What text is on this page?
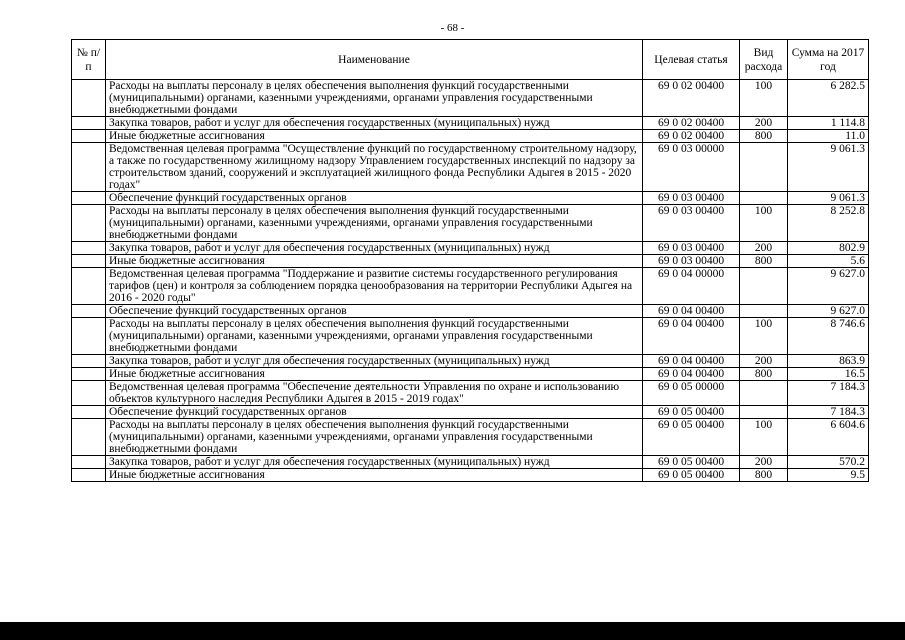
- 68 -
№ п/п	Наименование	Целевая статья	Вид расхода	Сумма на 2017 год
	Расходы на выплаты персоналу в целях обеспечения выполнения функций государственными (муниципальными) органами, казенными учреждениями, органами управления государственными внебюджетными фондами	69 0 02 00400	100	6 282.5
	Закупка товаров, работ и услуг для обеспечения государственных (муниципальных) нужд	69 0 02 00400	200	1 114.8
	Иные бюджетные ассигнования	69 0 02 00400	800	11.0
	Ведомственная целевая программа "Осуществление функций по государственному строительному надзору, а также по государственному жилищному надзору Управлением государственных инспекций по надзору за строительством зданий, сооружений и эксплуатацией жилищного фонда Республики Адыгея в 2015 - 2020 годах"	69 0 03 00000		9 061.3
	Обеспечение функций государственных органов	69 0 03 00400		9 061.3
	Расходы на выплаты персоналу в целях обеспечения выполнения функций государственными (муниципальными) органами, казенными учреждениями, органами управления государственными внебюджетными фондами	69 0 03 00400	100	8 252.8
	Закупка товаров, работ и услуг для обеспечения государственных (муниципальных) нужд	69 0 03 00400	200	802.9
	Иные бюджетные ассигнования	69 0 03 00400	800	5.6
	Ведомственная целевая программа "Поддержание и развитие системы государственного регулирования тарифов (цен) и контроля за соблюдением порядка ценообразования на территории Республики Адыгея на 2016 - 2020 годы"	69 0 04 00000		9 627.0
	Обеспечение функций государственных органов	69 0 04 00400		9 627.0
	Расходы на выплаты персоналу в целях обеспечения выполнения функций государственными (муниципальными) органами, казенными учреждениями, органами управления государственными внебюджетными фондами	69 0 04 00400	100	8 746.6
	Закупка товаров, работ и услуг для обеспечения государственных (муниципальных) нужд	69 0 04 00400	200	863.9
	Иные бюджетные ассигнования	69 0 04 00400	800	16.5
	Ведомственная целевая программа "Обеспечение деятельности Управления по охране и использованию объектов культурного наследия Республики Адыгея в 2015 - 2019 годах"	69 0 05 00000		7 184.3
	Обеспечение функций государственных органов	69 0 05 00400		7 184.3
	Расходы на выплаты персоналу в целях обеспечения выполнения функций государственными (муниципальными) органами, казенными учреждениями, органами управления государственными внебюджетными фондами	69 0 05 00400	100	6 604.6
	Закупка товаров, работ и услуг для обеспечения государственных (муниципальных) нужд	69 0 05 00400	200	570.2
	Иные бюджетные ассигнования	69 0 05 00400	800	9.5
